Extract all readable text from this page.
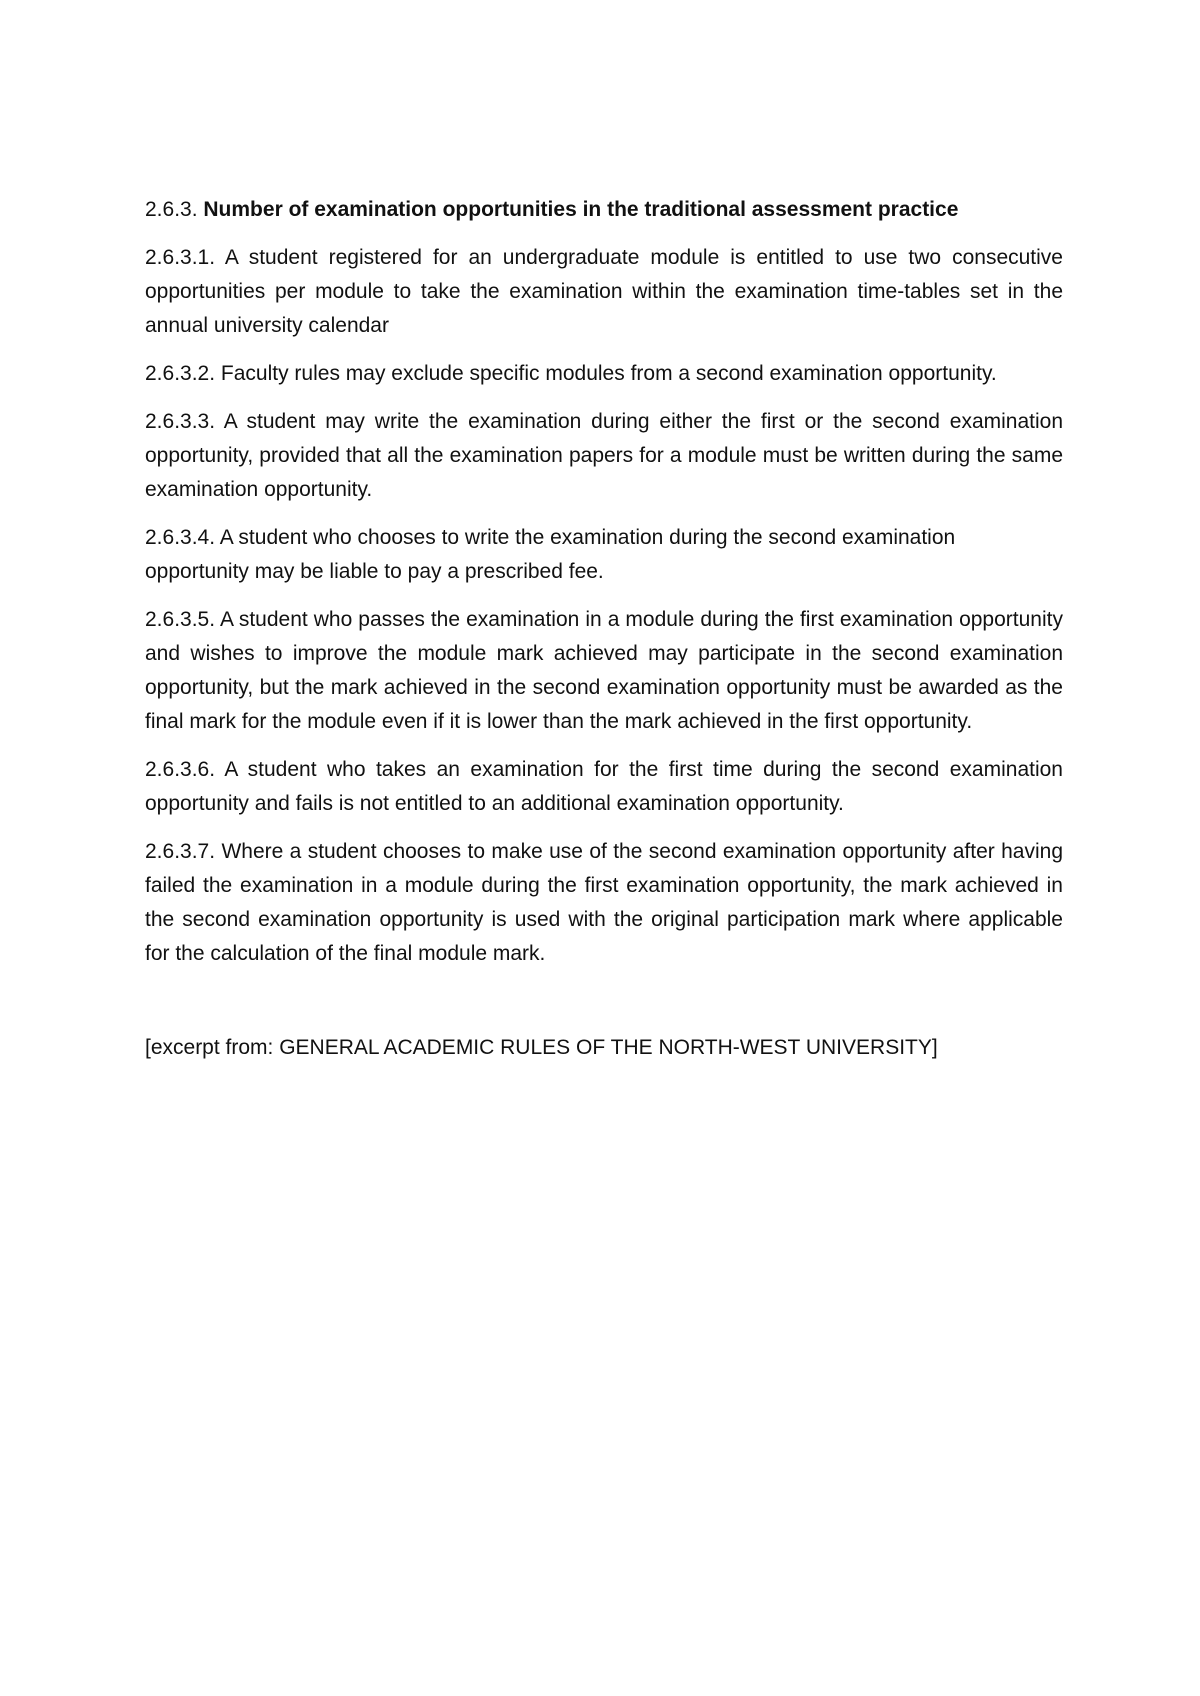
2.6.3. Number of examination opportunities in the traditional assessment practice

2.6.3.1. A student registered for an undergraduate module is entitled to use two consecutive opportunities per module to take the examination within the examination time-tables set in the annual university calendar

2.6.3.2. Faculty rules may exclude specific modules from a second examination opportunity.

2.6.3.3. A student may write the examination during either the first or the second examination opportunity, provided that all the examination papers for a module must be written during the same examination opportunity.

2.6.3.4. A student who chooses to write the examination during the second examination opportunity may be liable to pay a prescribed fee.

2.6.3.5. A student who passes the examination in a module during the first examination opportunity and wishes to improve the module mark achieved may participate in the second examination opportunity, but the mark achieved in the second examination opportunity must be awarded as the final mark for the module even if it is lower than the mark achieved in the first opportunity.

2.6.3.6. A student who takes an examination for the first time during the second examination opportunity and fails is not entitled to an additional examination opportunity.

2.6.3.7. Where a student chooses to make use of the second examination opportunity after having failed the examination in a module during the first examination opportunity, the mark achieved in the second examination opportunity is used with the original participation mark where applicable for the calculation of the final module mark.

[excerpt from: GENERAL ACADEMIC RULES OF THE NORTH-WEST UNIVERSITY]
